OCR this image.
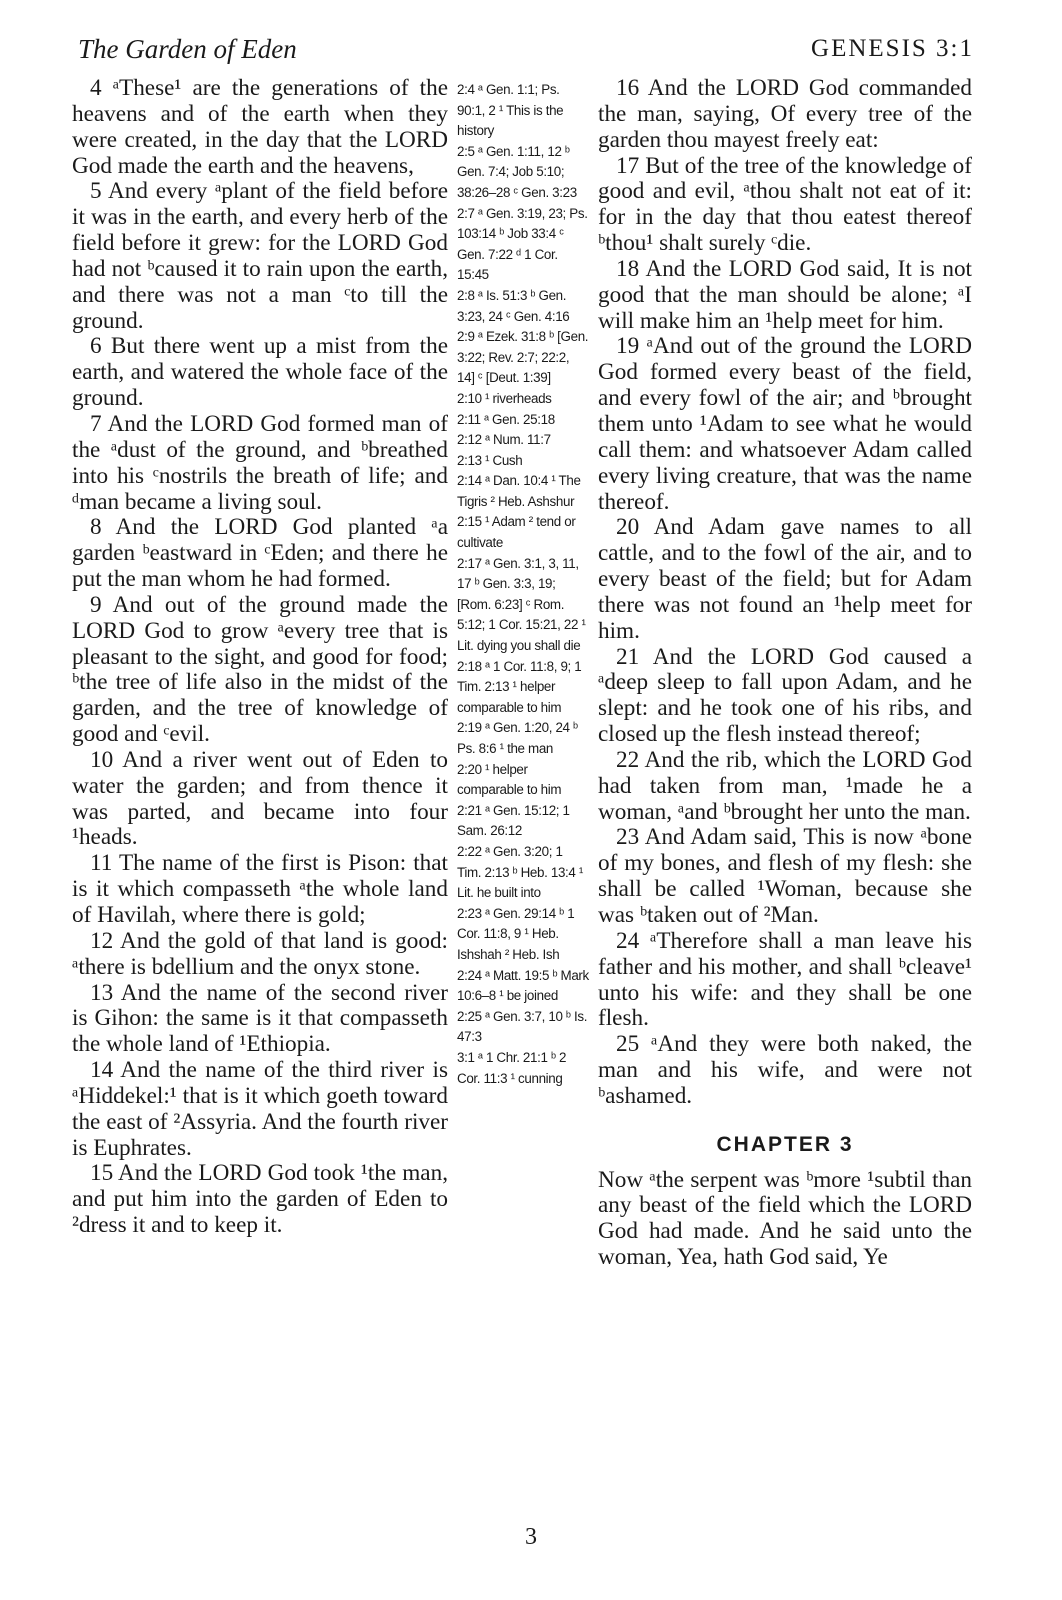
The Garden of Eden	GENESIS 3:1
4 ᵃThese¹ are the generations of the heavens and of the earth when they were created, in the day that the LORD God made the earth and the heavens,
5 And every ᵃplant of the field before it was in the earth, and every herb of the field before it grew: for the LORD God had not ᵇcaused it to rain upon the earth, and there was not a man ᶜto till the ground.
6 But there went up a mist from the earth, and watered the whole face of the ground.
7 And the LORD God formed man of the ᵃdust of the ground, and ᵇbreathed into his ᶜnostrils the breath of life; and ᵈman became a living soul.
8 And the LORD God planted ᵃa garden ᵇeastward in ᶜEden; and there he put the man whom he had formed.
9 And out of the ground made the LORD God to grow ᵃevery tree that is pleasant to the sight, and good for food; ᵇthe tree of life also in the midst of the garden, and the tree of knowledge of good and ᶜevil.
10 And a river went out of Eden to water the garden; and from thence it was parted, and became into four ¹heads.
11 The name of the first is Pison: that is it which compasseth ᵃthe whole land of Havilah, where there is gold;
12 And the gold of that land is good: ᵃthere is bdellium and the onyx stone.
13 And the name of the second river is Gihon: the same is it that compasseth the whole land of ¹Ethiopia.
14 And the name of the third river is ᵃHiddekel:¹ that is it which goeth toward the east of ²Assyria. And the fourth river is Euphrates.
15 And the LORD God took ¹the man, and put him into the garden of Eden to ²dress it and to keep it.
2:4 ᵃ Gen. 1:1; Ps. 90:1, 2 ¹ This is the history
2:5 ᵃ Gen. 1:11, 12 ᵇ Gen. 7:4; Job 5:10; 38:26–28 ᶜ Gen. 3:23
2:7 ᵃ Gen. 3:19, 23; Ps. 103:14 ᵇ Job 33:4 ᶜ Gen. 7:22 ᵈ 1 Cor. 15:45
2:8 ᵃ Is. 51:3 ᵇ Gen. 3:23, 24 ᶜ Gen. 4:16
2:9 ᵃ Ezek. 31:8 ᵇ [Gen. 3:22; Rev. 2:7; 22:2, 14] ᶜ [Deut. 1:39]
2:10 ¹ riverheads
2:11 ᵃ Gen. 25:18
2:12 ᵃ Num. 11:7
2:13 ¹ Cush
2:14 ᵃ Dan. 10:4 ¹ The Tigris ² Heb. Ashshur
2:15 ¹ Adam ² tend or cultivate
2:17 ᵃ Gen. 3:1, 3, 11, 17 ᵇ Gen. 3:3, 19; [Rom. 6:23] ᶜ Rom. 5:12; 1 Cor. 15:21, 22 ¹ Lit. dying you shall die
2:18 ᵃ 1 Cor. 11:8, 9; 1 Tim. 2:13 ¹ helper comparable to him
2:19 ᵃ Gen. 1:20, 24 ᵇ Ps. 8:6 ¹ the man
2:20 ¹ helper comparable to him
2:21 ᵃ Gen. 15:12; 1 Sam. 26:12
2:22 ᵃ Gen. 3:20; 1 Tim. 2:13 ᵇ Heb. 13:4 ¹ Lit. he built into
2:23 ᵃ Gen. 29:14 ᵇ 1 Cor. 11:8, 9 ¹ Heb. Ishshah ² Heb. Ish
2:24 ᵃ Matt. 19:5 ᵇ Mark 10:6–8 ¹ be joined
2:25 ᵃ Gen. 3:7, 10 ᵇ Is. 47:3
3:1 ᵃ 1 Chr. 21:1 ᵇ 2 Cor. 11:3 ¹ cunning
16 And the LORD God commanded the man, saying, Of every tree of the garden thou mayest freely eat:
17 But of the tree of the knowledge of good and evil, ᵃthou shalt not eat of it: for in the day that thou eatest thereof ᵇthou¹ shalt surely ᶜdie.
18 And the LORD God said, It is not good that the man should be alone; ᵃI will make him an ¹help meet for him.
19 ᵃAnd out of the ground the LORD God formed every beast of the field, and every fowl of the air; and ᵇbrought them unto ¹Adam to see what he would call them: and whatsoever Adam called every living creature, that was the name thereof.
20 And Adam gave names to all cattle, and to the fowl of the air, and to every beast of the field; but for Adam there was not found an ¹help meet for him.
21 And the LORD God caused a ᵃdeep sleep to fall upon Adam, and he slept: and he took one of his ribs, and closed up the flesh instead thereof;
22 And the rib, which the LORD God had taken from man, ¹made he a woman, ᵃand ᵇbrought her unto the man.
23 And Adam said, This is now ᵃbone of my bones, and flesh of my flesh: she shall be called ¹Woman, because she was ᵇtaken out of ²Man.
24 ᵃTherefore shall a man leave his father and his mother, and shall ᵇcleave¹ unto his wife: and they shall be one flesh.
25 ᵃAnd they were both naked, the man and his wife, and were not ᵇashamed.
CHAPTER 3
Now ᵃthe serpent was ᵇmore ¹subtil than any beast of the field which the LORD God had made. And he said unto the woman, Yea, hath God said, Ye
3
